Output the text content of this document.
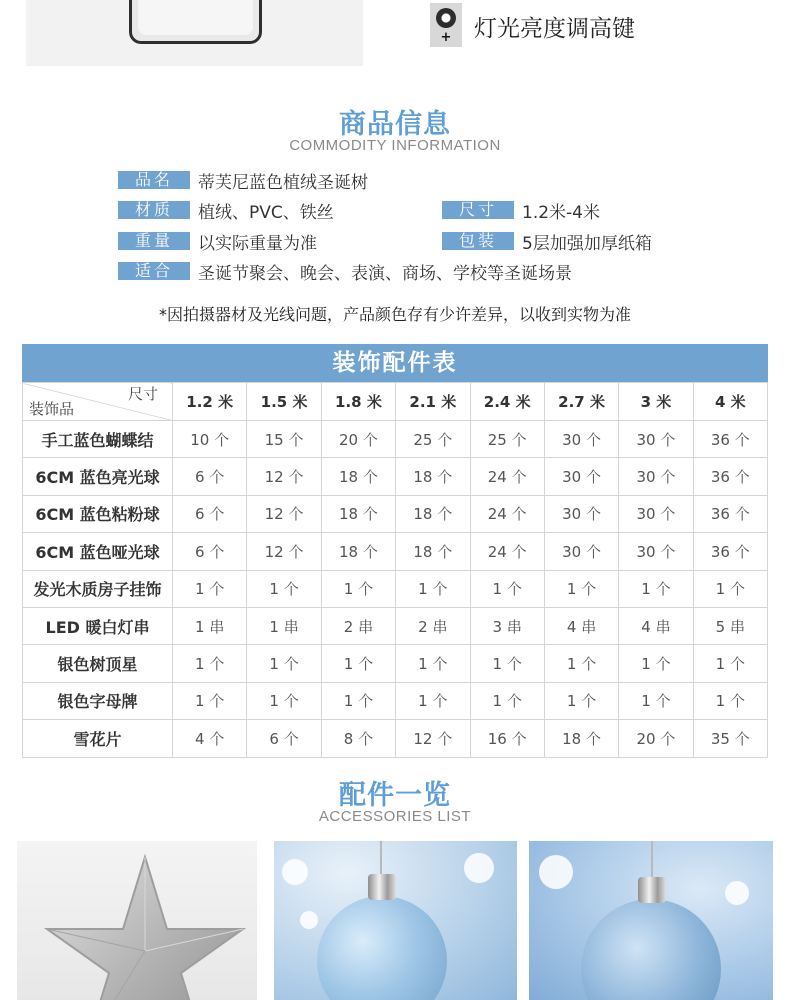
+ 灯光亮度调高键
商品信息
COMMODITY INFORMATION
品名	蒂芙尼蓝色植绒圣诞树
材质	植绒、PVC、铁丝	尺寸	1.2米-4米
重量	以实际重量为准	包装	5层加强加厚纸箱
适合	圣诞节聚会、晚会、表演、商场、学校等圣诞场景
*因拍摄器材及光线问题，产品颜色存有少许差异，以收到实物为准
装饰配件表
尺寸
装饰品	1.2 米	1.5 米	1.8 米	2.1 米	2.4 米	2.7 米	3 米	4 米
手工蓝色蝴蝶结	10 个	15 个	20 个	25 个	25 个	30 个	30 个	36 个
6CM 蓝色亮光球	6 个	12 个	18 个	18 个	24 个	30 个	30 个	36 个
6CM 蓝色粘粉球	6 个	12 个	18 个	18 个	24 个	30 个	30 个	36 个
6CM 蓝色哑光球	6 个	12 个	18 个	18 个	24 个	30 个	30 个	36 个
发光木质房子挂饰	1 个	1 个	1 个	1 个	1 个	1 个	1 个	1 个
LED 暖白灯串	1 串	1 串	2 串	2 串	3 串	4 串	4 串	5 串
银色树顶星	1 个	1 个	1 个	1 个	1 个	1 个	1 个	1 个
银色字母牌	1 个	1 个	1 个	1 个	1 个	1 个	1 个	1 个
雪花片	4 个	6 个	8 个	12 个	16 个	18 个	20 个	35 个
配件一览
ACCESSORIES LIST
